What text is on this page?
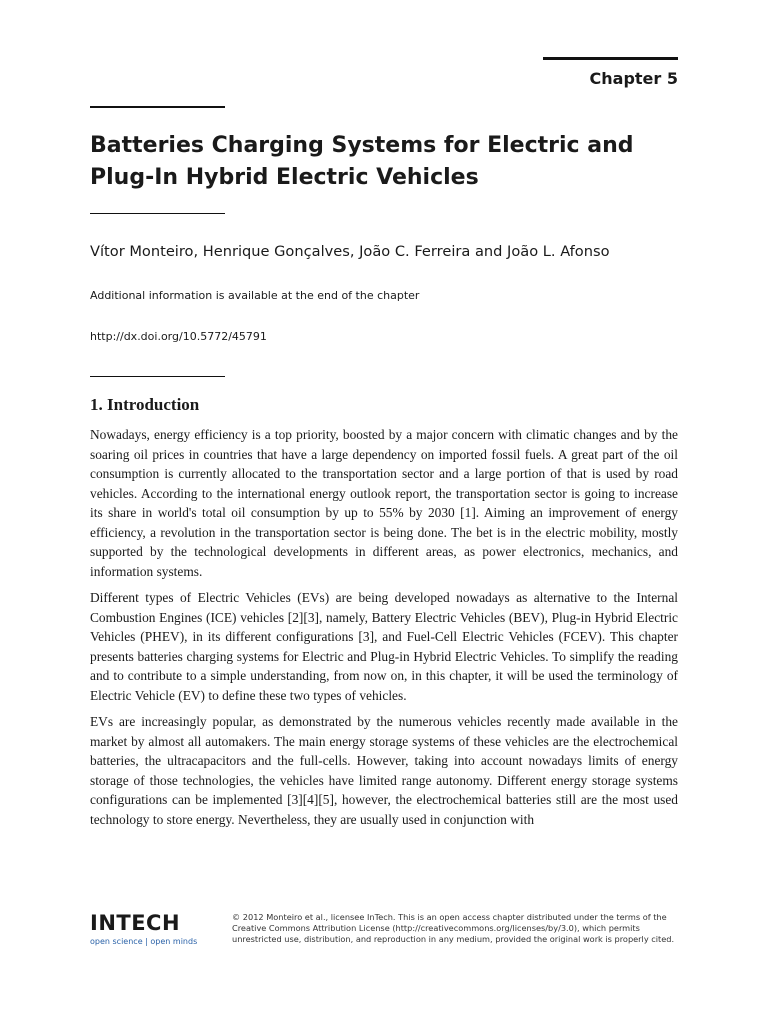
Chapter 5
Batteries Charging Systems for Electric and Plug-In Hybrid Electric Vehicles
Vítor Monteiro, Henrique Gonçalves, João C. Ferreira and João L. Afonso
Additional information is available at the end of the chapter
http://dx.doi.org/10.5772/45791
1. Introduction

Nowadays, energy efficiency is a top priority, boosted by a major concern with climatic changes and by the soaring oil prices in countries that have a large dependency on imported fossil fuels. A great part of the oil consumption is currently allocated to the transportation sector and a large portion of that is used by road vehicles. According to the international energy outlook report, the transportation sector is going to increase its share in world's total oil consumption by up to 55% by 2030 [1]. Aiming an improvement of energy efficiency, a revolution in the transportation sector is being done. The bet is in the electric mobility, mostly supported by the technological developments in different areas, as power electronics, mechanics, and information systems.

Different types of Electric Vehicles (EVs) are being developed nowadays as alternative to the Internal Combustion Engines (ICE) vehicles [2][3], namely, Battery Electric Vehicles (BEV), Plug-in Hybrid Electric Vehicles (PHEV), in its different configurations [3], and Fuel-Cell Electric Vehicles (FCEV). This chapter presents batteries charging systems for Electric and Plug-in Hybrid Electric Vehicles. To simplify the reading and to contribute to a simple understanding, from now on, in this chapter, it will be used the terminology of Electric Vehicle (EV) to define these two types of vehicles.

EVs are increasingly popular, as demonstrated by the numerous vehicles recently made available in the market by almost all automakers. The main energy storage systems of these vehicles are the electrochemical batteries, the ultracapacitors and the full-cells. However, taking into account nowadays limits of energy storage of those technologies, the vehicles have limited range autonomy. Different energy storage systems configurations can be implemented [3][4][5], however, the electrochemical batteries still are the most used technology to store energy. Nevertheless, they are usually used in conjunction with

INTECH
open science | open minds
© 2012 Monteiro et al., licensee InTech. This is an open access chapter distributed under the terms of the Creative Commons Attribution License (http://creativecommons.org/licenses/by/3.0), which permits unrestricted use, distribution, and reproduction in any medium, provided the original work is properly cited.
